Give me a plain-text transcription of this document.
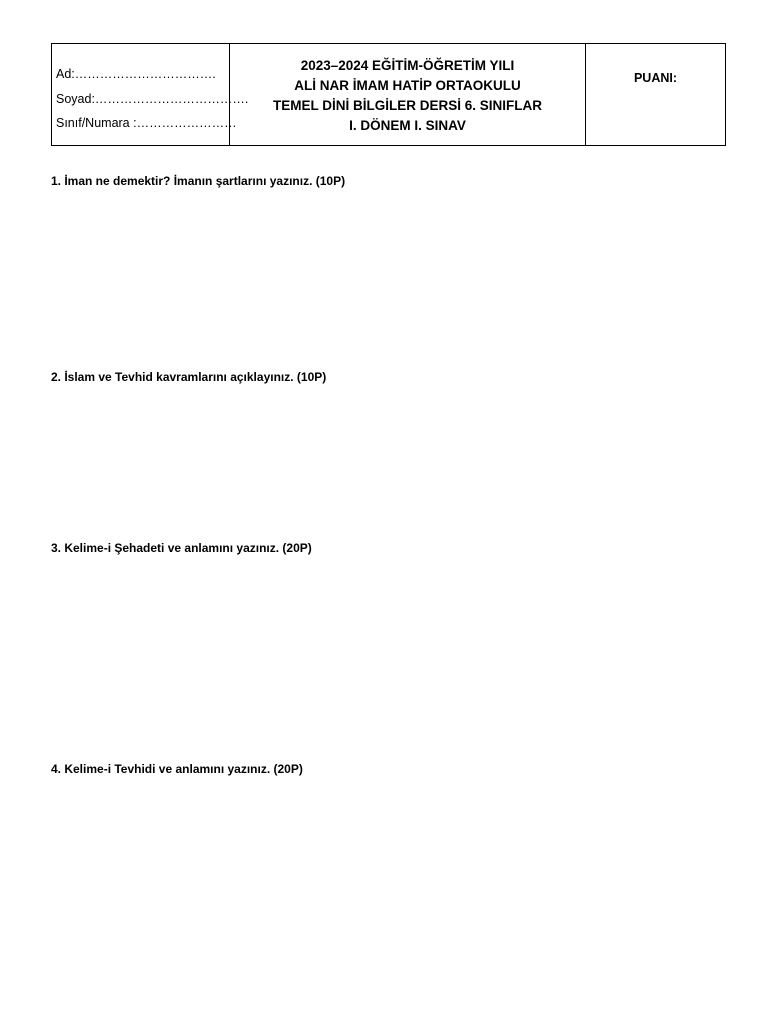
Ad:…………………………….
Soyad:……………………………….
Sınıf/Numara :……………………
2023–2024 EĞİTİM-ÖĞRETİM YILI
ALİ NAR İMAM HATİP ORTAOKULU
TEMEL DİNİ BİLGİLER DERSİ 6. SINIFLAR
I. DÖNEM I. SINAV
PUANI:
1. İman ne demektir? İmanın şartlarını yazınız. (10P)
2. İslam ve Tevhid kavramlarını açıklayınız. (10P)
3. Kelime-i Şehadeti ve anlamını yazınız. (20P)
4. Kelime-i Tevhidi ve anlamını yazınız. (20P)
